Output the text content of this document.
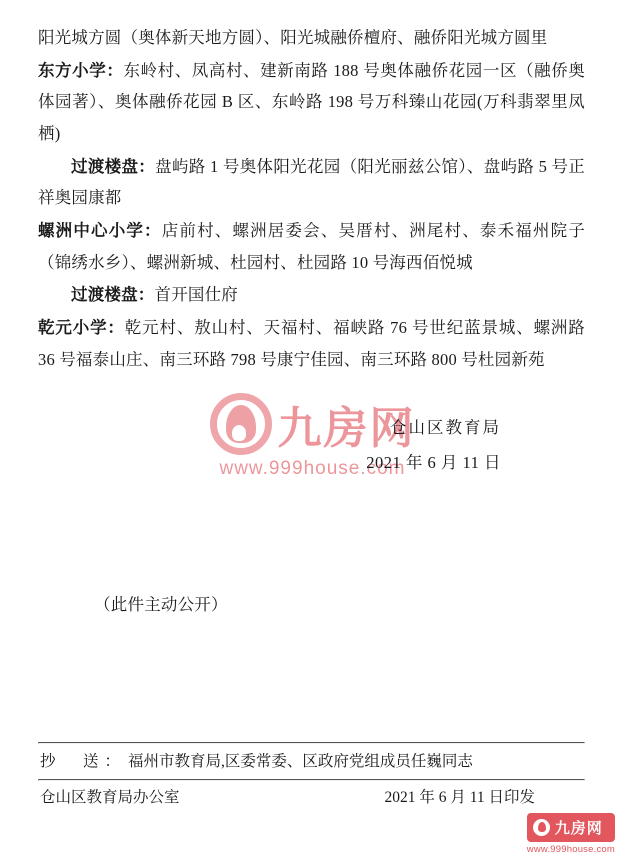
九房网
www.999house.com

阳光城方圆（奥体新天地方圆）、阳光城融侨檀府、融侨阳光城方圆里

东方小学：东岭村、凤高村、建新南路 188 号奥体融侨花园一区（融侨奥体园著）、奥体融侨花园 B 区、东岭路 198 号万科臻山花园(万科翡翠里凤栖)

过渡楼盘：盘屿路 1 号奥体阳光花园（阳光丽兹公馆）、盘屿路 5 号正祥奥园康都

螺洲中心小学：店前村、螺洲居委会、吴厝村、洲尾村、泰禾福州院子（锦绣水乡）、螺洲新城、杜园村、杜园路 10 号海西佰悦城

过渡楼盘：首开国仕府

乾元小学：乾元村、敖山村、天福村、福峡路 76 号世纪蓝景城、螺洲路 36 号福泰山庄、南三环路 798 号康宁佳园、南三环路 800 号杜园新苑

仓山区教育局
2021 年 6 月 11 日
（此件主动公开）
抄　送： 福州市教育局,区委常委、区政府党组成员任巍同志
仓山区教育局办公室	2021 年 6 月 11 日印发
九房网
www.999house.com
